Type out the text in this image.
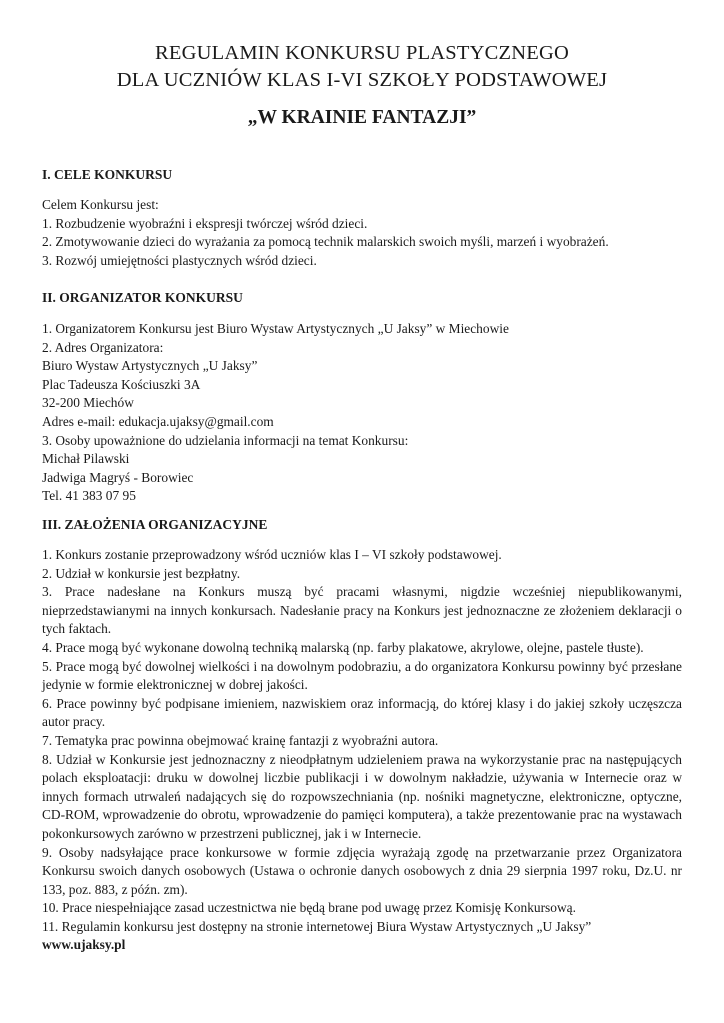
REGULAMIN KONKURSU PLASTYCZNEGO
DLA UCZNIÓW KLAS I-VI SZKOŁY PODSTAWOWEJ
„W KRAINIE FANTAZJI”
I. CELE KONKURSU
Celem Konkursu jest:
1. Rozbudzenie wyobraźni i ekspresji twórczej wśród dzieci.
2. Zmotywowanie dzieci do wyrażania za pomocą technik malarskich swoich myśli, marzeń i wyobrażeń.
3. Rozwój umiejętności plastycznych wśród dzieci.
II. ORGANIZATOR KONKURSU
1. Organizatorem Konkursu jest Biuro Wystaw Artystycznych „U Jaksy” w Miechowie
2. Adres Organizatora:
Biuro Wystaw Artystycznych „U Jaksy”
Plac Tadeusza Kościuszki 3A
32-200 Miechów
Adres e-mail: edukacja.ujaksy@gmail.com
3. Osoby upoważnione do udzielania informacji na temat Konkursu:
Michał Pilawski
Jadwiga Magryś - Borowiec
Tel. 41 383 07 95
III. ZAŁOŻENIA ORGANIZACYJNE
1. Konkurs zostanie przeprowadzony wśród uczniów klas I – VI szkoły podstawowej.
2. Udział w konkursie jest bezpłatny.
3. Prace nadesłane na Konkurs muszą być pracami własnymi, nigdzie wcześniej niepublikowanymi, nieprzedstawianymi na innych konkursach. Nadesłanie pracy na Konkurs jest jednoznaczne ze złożeniem deklaracji o tych faktach.
4. Prace mogą być wykonane dowolną techniką malarską (np. farby plakatowe, akrylowe, olejne, pastele tłuste).
5. Prace mogą być dowolnej wielkości i na dowolnym podobraziu, a do organizatora Konkursu powinny być przesłane jedynie w formie elektronicznej w dobrej jakości.
6. Prace powinny być podpisane imieniem, nazwiskiem oraz informacją, do której klasy i do jakiej szkoły uczęszcza autor pracy.
7. Tematyka prac powinna obejmować krainę fantazji z wyobraźni autora.
8. Udział w Konkursie jest jednoznaczny z nieodpłatnym udzieleniem prawa na wykorzystanie prac na następujących polach eksploatacji: druku w dowolnej liczbie publikacji i w dowolnym nakładzie, używania w Internecie oraz w innych formach utrwaleń nadających się do rozpowszechniania (np. nośniki magnetyczne, elektroniczne, optyczne, CD-ROM, wprowadzenie do obrotu, wprowadzenie do pamięci komputera), a także prezentowanie prac na wystawach pokonkursowych zarówno w przestrzeni publicznej, jak i w Internecie.
9. Osoby nadsyłające prace konkursowe w formie zdjęcia wyrażają zgodę na przetwarzanie przez Organizatora Konkursu swoich danych osobowych (Ustawa o ochronie danych osobowych z dnia 29 sierpnia 1997 roku, Dz.U. nr 133, poz. 883, z późn. zm).
10. Prace niespełniające zasad uczestnictwa nie będą brane pod uwagę przez Komisję Konkursową.
11. Regulamin konkursu jest dostępny na stronie internetowej Biura Wystaw Artystycznych „U Jaksy”
www.ujaksy.pl
